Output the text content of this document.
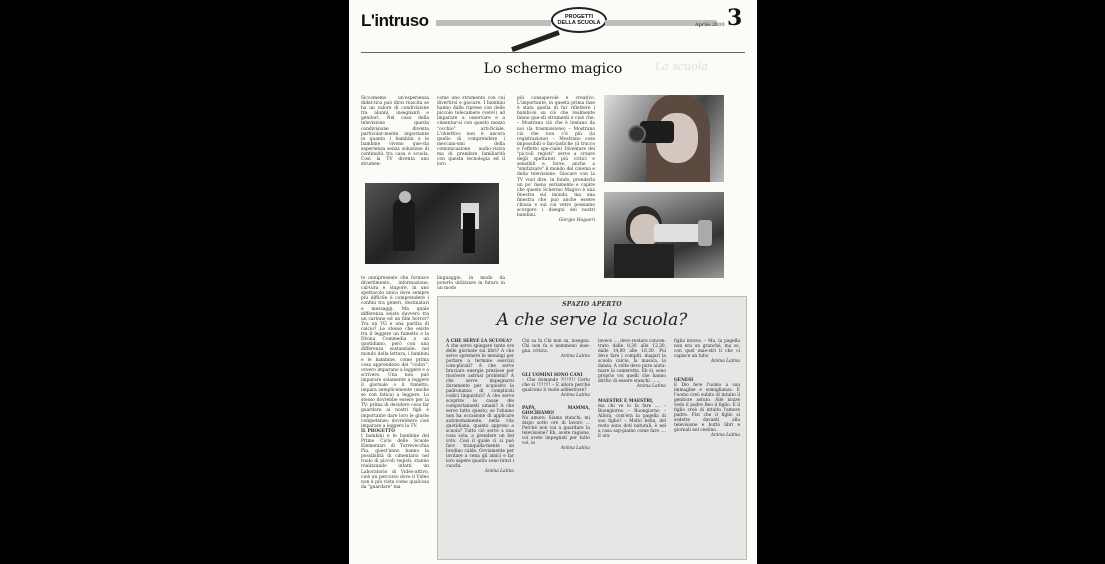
L'intruso	PROGETTI
DELLA SCUOLA	Aprile 2000 3
La scuola
Lo schermo magico

Siccomemo un'esperienza didat-tica può dirsi riuscita se ha un valore di condivisione tra alunni, insegnanti e genitori. Nel caso della televisione questa condivisione diventa particolar-mente importante in quanto i bambini e le bambine vivono que-sta esperienza senza soluzione di continuità tra casa e scuola. Così la TV diventa uno strumen-

come uno strumento con cui divertirsi e giocare. I bambini hanno dalle riprese con delle piccole telecamere (vere!) ad imparare a osservare e a cimentar-si con questo mezzo "occhio" arti-ficiale. L'obiettivo non è ancora quello di comprendere i meccani-smi della comunicazione audio-visiva ma di prendere familiarità con questa tecnologia ed il loro

più consapevole e creativo. L'importante, in questa prima fase è stata quella di far riflettere i bambi-ni su ciò che realmente fanno que-sti strumenti e cioè che: – Mostrano ciò che è lontano da noi (la trasmissione) – Mostrano ciò che non c'è più (la registrazione) – Mostrano cose impossibili o fan-tastiche (il trucco e l'effetto spe-ciale) Diventare dei "piccoli registi" serve a creare degli spettatori più critici e sensibili e, forse, anche a "smitizzare" il mondo del cinema e della televisione. Giocare con la TV vuol dire, in fondo, prenderla un po' meno seriamente e capire che questo Schermo Magico è una finestra sul mondo, ma una finestra che può anche essere chiusa e sul cui vetro possiamo scorgere i disegni dei nostri bambini.

Giorgio Hugueri

to onnipresente che fornisce divertimento, informazione, cul-tura e stupore, in uno spettacolo unico dove sempre più difficile è comprendere i confini tra generi, destinatari e messaggi. Ma quale differenza esiste davvero tra un cartone ed un film horror? Tra un TG e una partita di calcio? Le stesse che esiste tra il leggere un fumetto o la Divina Commedia o un quotidiano, però con una differenza sostanziale: nel mondo della lettura, i bambini e le bambine, come prima cosa apprendono dei "codici", ovvero imparano a leggere e a scrivere. Una non può imparare solamente a leggere il giornale o il fumetto, impara semplicemente (anche se con fatica) a leggere. Lo stesso dovrebbe essere per la TV: prima di decidere cosa far guardare ai nostri figli è importante dare loro le giuste competenze: dovrebbero cioè imparare a leggere la TV.

IL PROGETTO

I bambini e le bambine del Primo Ciclo delle Scuole Elementari di Torrevecchia Pia, quest'anno hanno la possibilità di cimentarsi nel ruolo di piccoli registi: stanno realizzando infatti un Laboratorio di Video-attivo, cioè un percorso dove il Video non è più vista come qualcosa da "guardare" ma

linguaggio, in modo da poterlo utilizzare in futuro in un modo

SPAZIO APERTO
A che serve la scuola?

A CHE SERVE LA SCUOLA?

A che serve spiegare tante ore delle giornate sui libri? A che serve spremere le meningi per portare a termine esercizi com-plicati? A che serve bruciare energie preziose per risolvere astrusi problemi? A che serve impegnarsi duramente per acquisire la padronanza di complicati codici linguistici? A che serve scoprire le cause dei comportamenti umani? A che serve tutto questo, se l'alunno non ha occasione di applicare autonomamente, nella vita quotidiana, quanto appreso a scuola? Tutto ciò serve a una cosa sola: a prendere un bel voto. Cosi il quale ci si può fare tranquilla-mente un brodino caldo. Ovviamente per invitare a cena gli amici e far loro sapere quanto sono bravi i cuochi.

Anima Latina

Chi sa fa Chi non sa, insegna. Chi non fa e nemmeno inse-gna, critica.

Anima Latina

GLI UOMINI SONO CANI

– Che domande ?!!!!!!! Certo che sì !!!!!!!! – E allora perché qualcuno li vuole addestrare?

Anima Latina

PAPÀ, MAMMA, GIOCHIAMO!

No amore. Siamo stanchi, mi dispo sotto ore di lavoro ... Perché non vai a guardare la televisione? Eh, avete ragione, voi avete impegnati per tutto voi, io

Anima Latina

invece .... devo restare concen-trato dalle 8,30 alle 12,30, dalle 14,00 alle 16,30. Poi devo fare i compiti, magari la scuola calcio, la musica, la danza. A volte devo pure aiuta-mare la cameretta. Eh sì, sono proprio voi quelli che hanno diritto di essere stanchi .......

Anima Latina

MAESTRE E MAESTRI,

ma chi ve lo fa fare .... – Buongiorno – Buongiorno – Allora, com'era la pagella di suo figlio? – Molto bella, del resto sono doti naturali, è nel a casa sap-piamo come fare .... E ora

figlia invece. – Ma, la pagella non era un granché, ma so, con quel mae-stri li che ci capisce un tubo

Anima Latina

GENESI

E Dio fece l'uomo a sua immagine e somiglianza. E l'uomo creò subito di intuito il genitore astuto. Alle nozze vedo il padre Reo il figlio. E il figlio creò di intuito l'amore padre. Fisi che il figlio si sedette davanti alla televisione e buttò libri e giornali nel cestino.

Anima Latina
